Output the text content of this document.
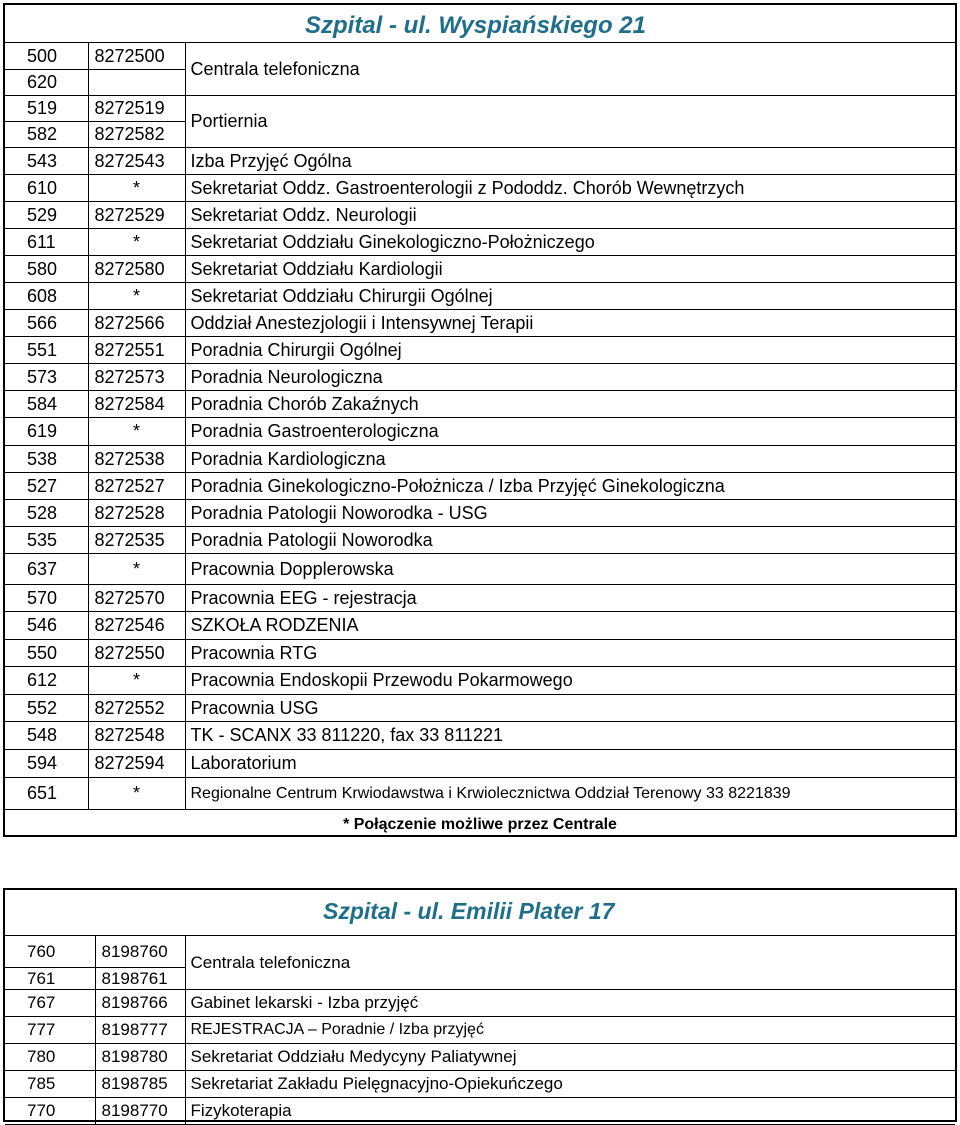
Szpital - ul. Wyspiańskiego 21
500	8272500	Centrala telefoniczna
620		
519	8272519	Portiernia
582	8272582	
543	8272543	Izba Przyjęć Ogólna
610	*	Sekretariat Oddz. Gastroenterologii z Pododdz. Chorób Wewnętrzych
529	8272529	Sekretariat Oddz. Neurologii
611	*	Sekretariat Oddziału Ginekologiczno-Położniczego
580	8272580	Sekretariat Oddziału Kardiologii
608	*	Sekretariat Oddziału Chirurgii Ogólnej
566	8272566	Oddział Anestezjologii i Intensywnej Terapii
551	8272551	Poradnia Chirurgii Ogólnej
573	8272573	Poradnia Neurologiczna
584	8272584	Poradnia Chorób Zakaźnych
619	*	Poradnia Gastroenterologiczna
538	8272538	Poradnia Kardiologiczna
527	8272527	Poradnia Ginekologiczno-Położnicza / Izba Przyjęć Ginekologiczna
528	8272528	Poradnia Patologii Noworodka - USG
535	8272535	Poradnia Patologii Noworodka
637	*	Pracownia Dopplerowska
570	8272570	Pracownia EEG - rejestracja
546	8272546	SZKOŁA RODZENIA
550	8272550	Pracownia RTG
612	*	Pracownia Endoskopii Przewodu Pokarmowego
552	8272552	Pracownia USG
548	8272548	TK - SCANX 33 811220, fax 33 811221
594	8272594	Laboratorium
651	*	Regionalne Centrum Krwiodawstwa i Krwiolecznictwa Oddział Terenowy 33 8221839
* Połączenie możliwe przez Centrale
Szpital - ul. Emilii Plater 17
760	8198760	Centrala telefoniczna
761	8198761	
767	8198766	Gabinet lekarski - Izba przyjęć
777	8198777	REJESTRACJA – Poradnie / Izba przyjęć
780	8198780	Sekretariat Oddziału Medycyny Paliatywnej
785	8198785	Sekretariat Zakładu Pielęgnacyjno-Opiekuńczego
770	8198770	Fizykoterapia
